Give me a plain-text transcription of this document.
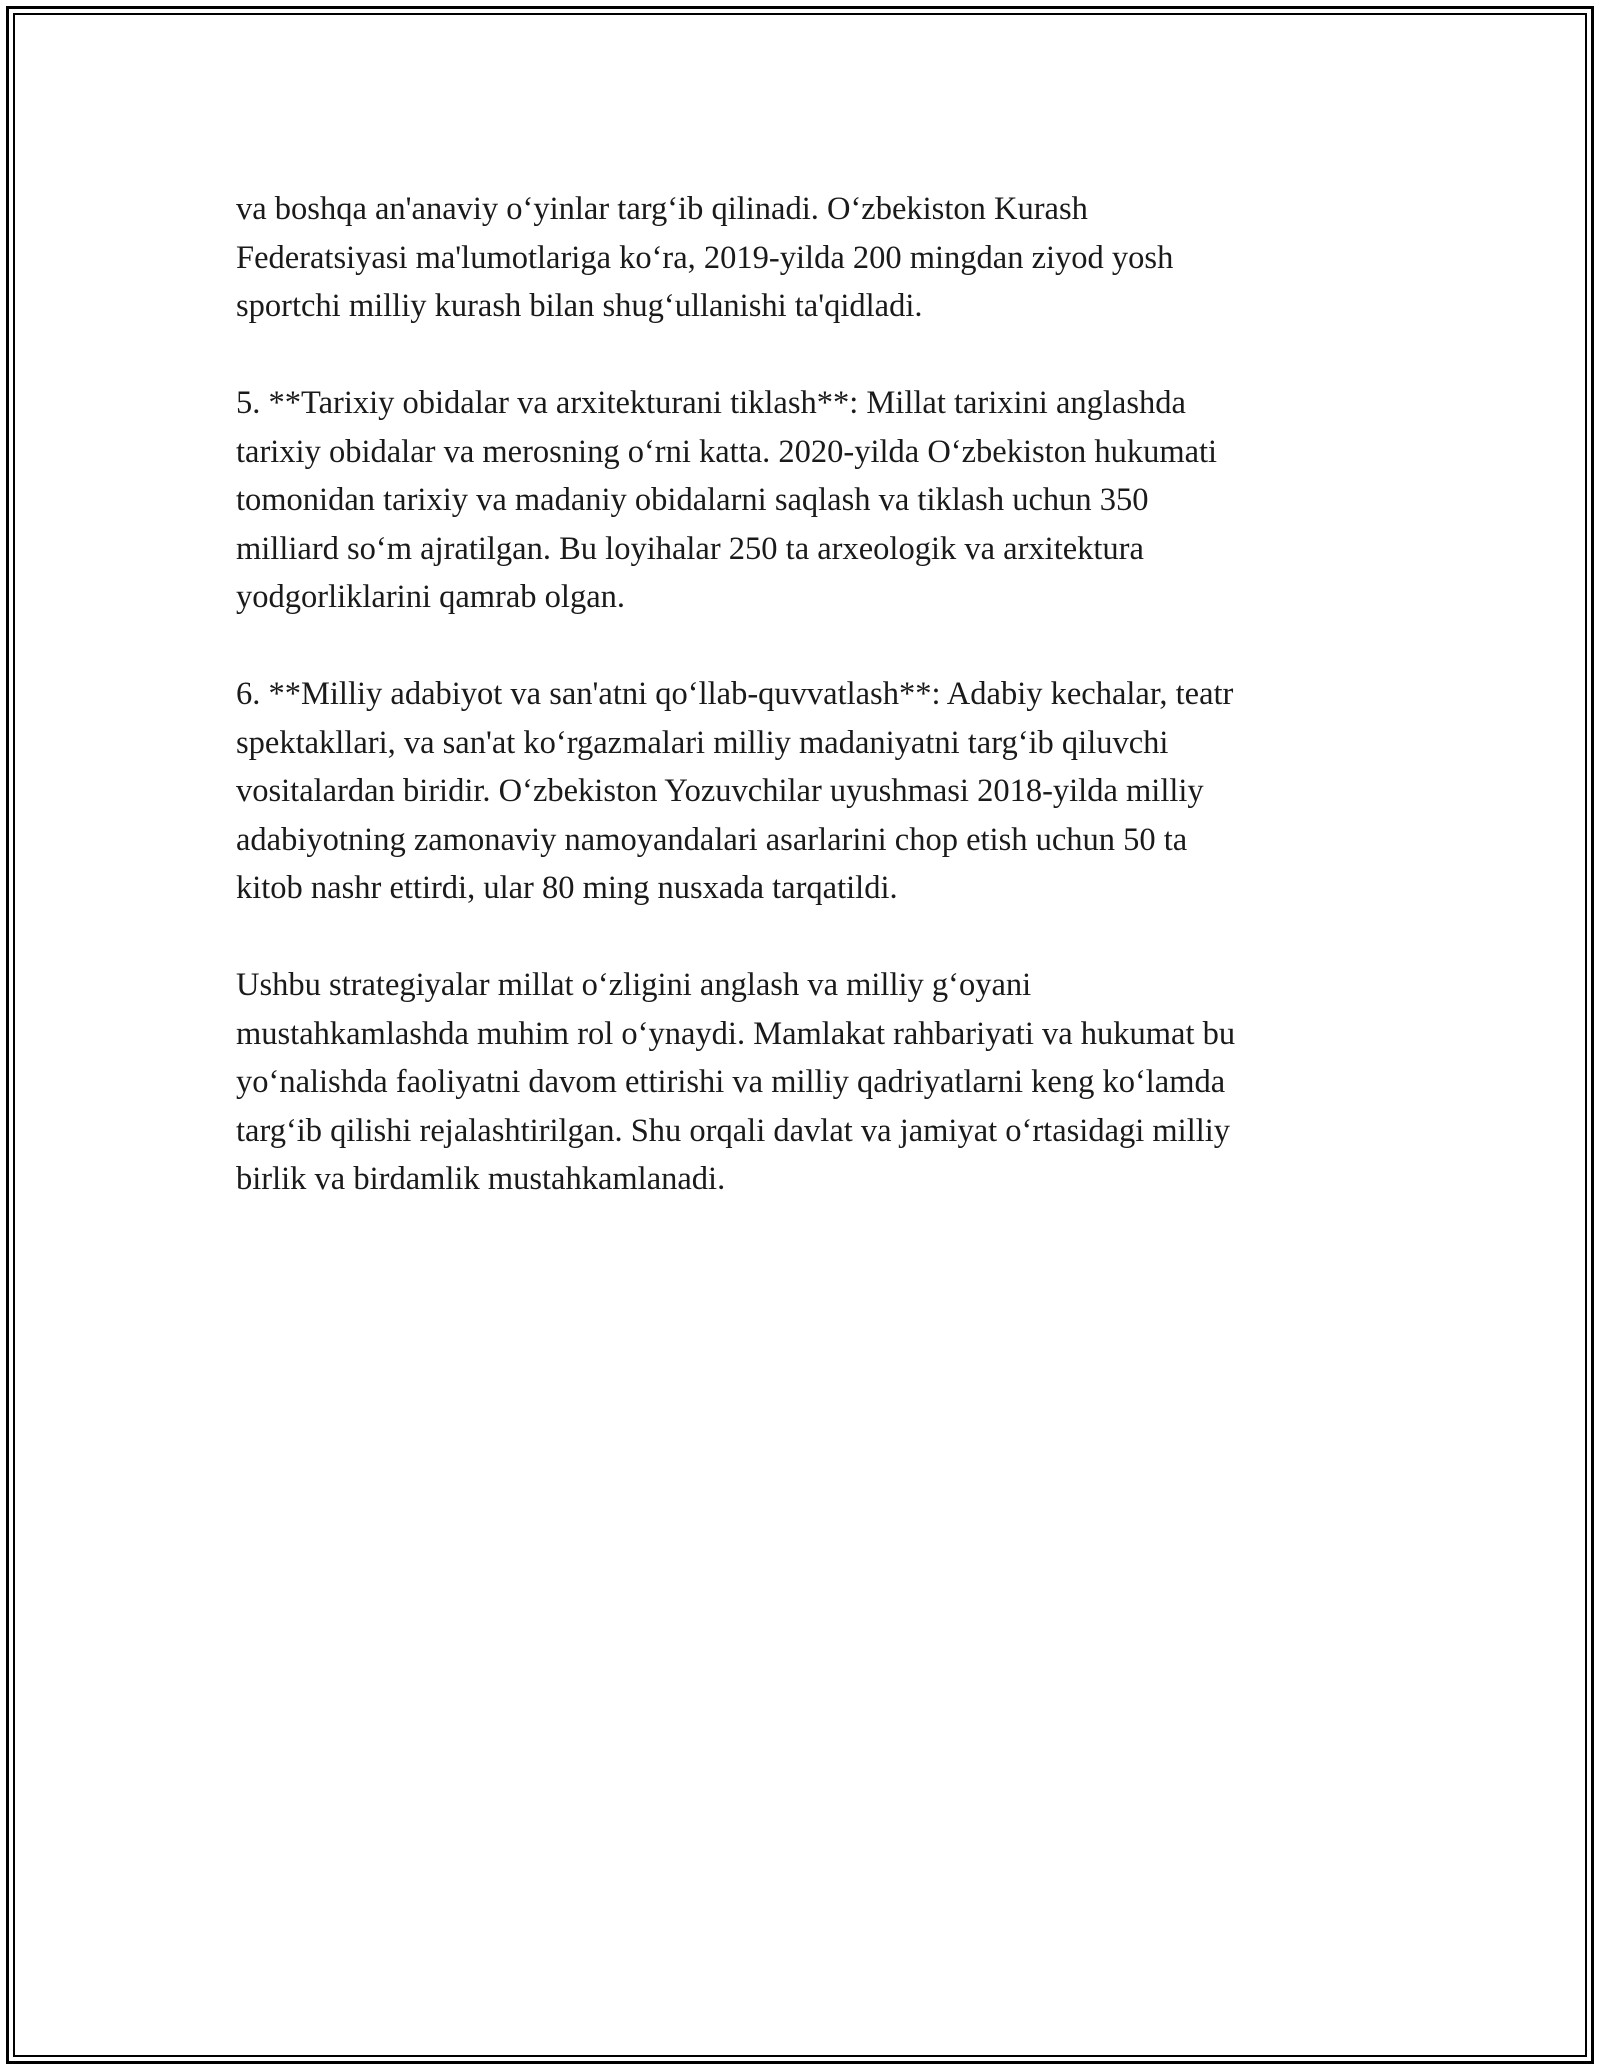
va boshqa an'anaviy o‘yinlar targ‘ib qilinadi. O‘zbekiston Kurash
Federatsiyasi ma'lumotlariga ko‘ra, 2019-yilda 200 mingdan ziyod yosh
sportchi milliy kurash bilan shug‘ullanishi ta'qidladi.

5. **Tarixiy obidalar va arxitekturani tiklash**: Millat tarixini anglashda
tarixiy obidalar va merosning o‘rni katta. 2020-yilda O‘zbekiston hukumati
tomonidan tarixiy va madaniy obidalarni saqlash va tiklash uchun 350
milliard so‘m ajratilgan. Bu loyihalar 250 ta arxeologik va arxitektura
yodgorliklarini qamrab olgan.

6. **Milliy adabiyot va san'atni qo‘llab-quvvatlash**: Adabiy kechalar, teatr
spektakllari, va san'at ko‘rgazmalari milliy madaniyatni targ‘ib qiluvchi
vositalardan biridir. O‘zbekiston Yozuvchilar uyushmasi 2018-yilda milliy
adabiyotning zamonaviy namoyandalari asarlarini chop etish uchun 50 ta
kitob nashr ettirdi, ular 80 ming nusxada tarqatildi.

Ushbu strategiyalar millat o‘zligini anglash va milliy g‘oyani
mustahkamlashda muhim rol o‘ynaydi. Mamlakat rahbariyati va hukumat bu
yo‘nalishda faoliyatni davom ettirishi va milliy qadriyatlarni keng ko‘lamda
targ‘ib qilishi rejalashtirilgan. Shu orqali davlat va jamiyat o‘rtasidagi milliy
birlik va birdamlik mustahkamlanadi.
